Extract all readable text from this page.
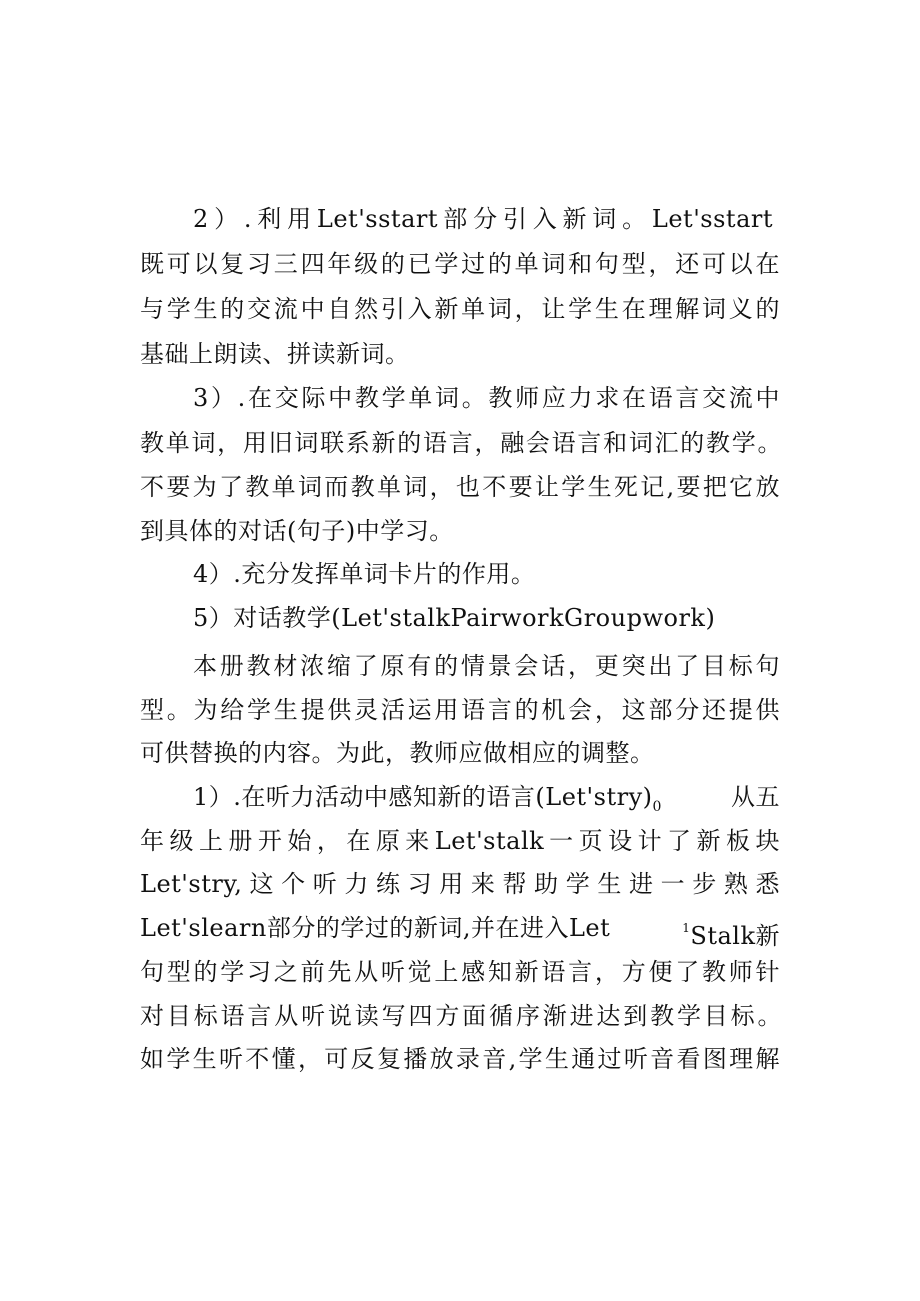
2）.利用Let'sstart部分引入新词。Let'sstart
既可以复习三四年级的已学过的单词和句型，还可以在
与学生的交流中自然引入新单词，让学生在理解词义的
基础上朗读、拼读新词。
3）.在交际中教学单词。教师应力求在语言交流中
教单词，用旧词联系新的语言，融会语言和词汇的教学。
不要为了教单词而教单词，也不要让学生死记,要把它放
到具体的对话(句子)中学习。
4）.充分发挥单词卡片的作用。
5）对话教学(Let'stalkPairworkGroupwork)
本册教材浓缩了原有的情景会话，更突出了目标句
型。为给学生提供灵活运用语言的机会，这部分还提供
可供替换的内容。为此，教师应做相应的调整。
1）.在听力活动中感知新的语言$(Let'stry)_0$	从五
年级上册开始，在原来Let'stalk一页设计了新板块
Let'stry,这个听力练习用来帮助学生进一步熟悉
Let'slearn部分的学过的新词,并在进入Let	$^1$Stalk新
句型的学习之前先从听觉上感知新语言，方便了教师针
对目标语言从听说读写四方面循序渐进达到教学目标。
如学生听不懂，可反复播放录音,学生通过听音看图理解
